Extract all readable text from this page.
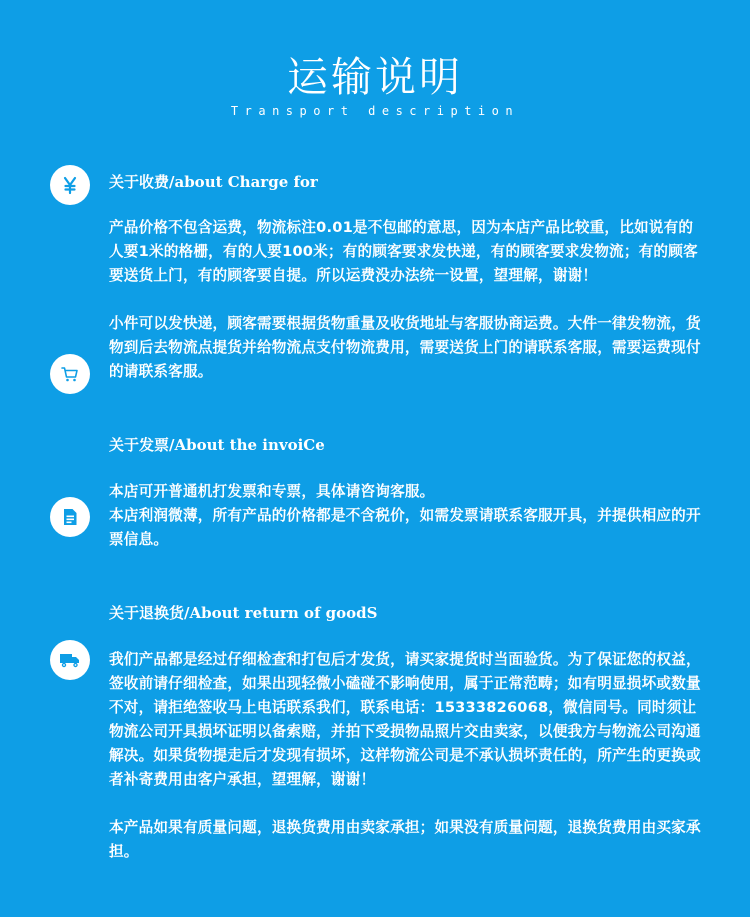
运输说明
Transport description
关于收费/about Charge for

产品价格不包含运费，物流标注0.01是不包邮的意思，因为本店产品比较重，比如说有的人要1米的格栅，有的人要100米；有的顾客要求发快递，有的顾客要求发物流；有的顾客要送货上门，有的顾客要自提。所以运费没办法统一设置，望理解，谢谢！

小件可以发快递，顾客需要根据货物重量及收货地址与客服协商运费。大件一律发物流，货物到后去物流点提货并给物流点支付物流费用，需要送货上门的请联系客服，需要运费现付的请联系客服。

关于发票/About the invoiCe

本店可开普通机打发票和专票，具体请咨询客服。
本店利润微薄，所有产品的价格都是不含税价，如需发票请联系客服开具，并提供相应的开票信息。

关于退换货/About return of goodS

我们产品都是经过仔细检查和打包后才发货，请买家提货时当面验货。为了保证您的权益，签收前请仔细检查，如果出现轻微小磕碰不影响使用，属于正常范畴；如有明显损坏或数量不对，请拒绝签收马上电话联系我们，联系电话：15333826068，微信同号。同时须让物流公司开具损坏证明以备索赔，并拍下受损物品照片交由卖家，以便我方与物流公司沟通解决。如果货物提走后才发现有损坏，这样物流公司是不承认损坏责任的，所产生的更换或者补寄费用由客户承担，望理解，谢谢！

本产品如果有质量问题，退换货费用由卖家承担；如果没有质量问题，退换货费用由买家承担。
